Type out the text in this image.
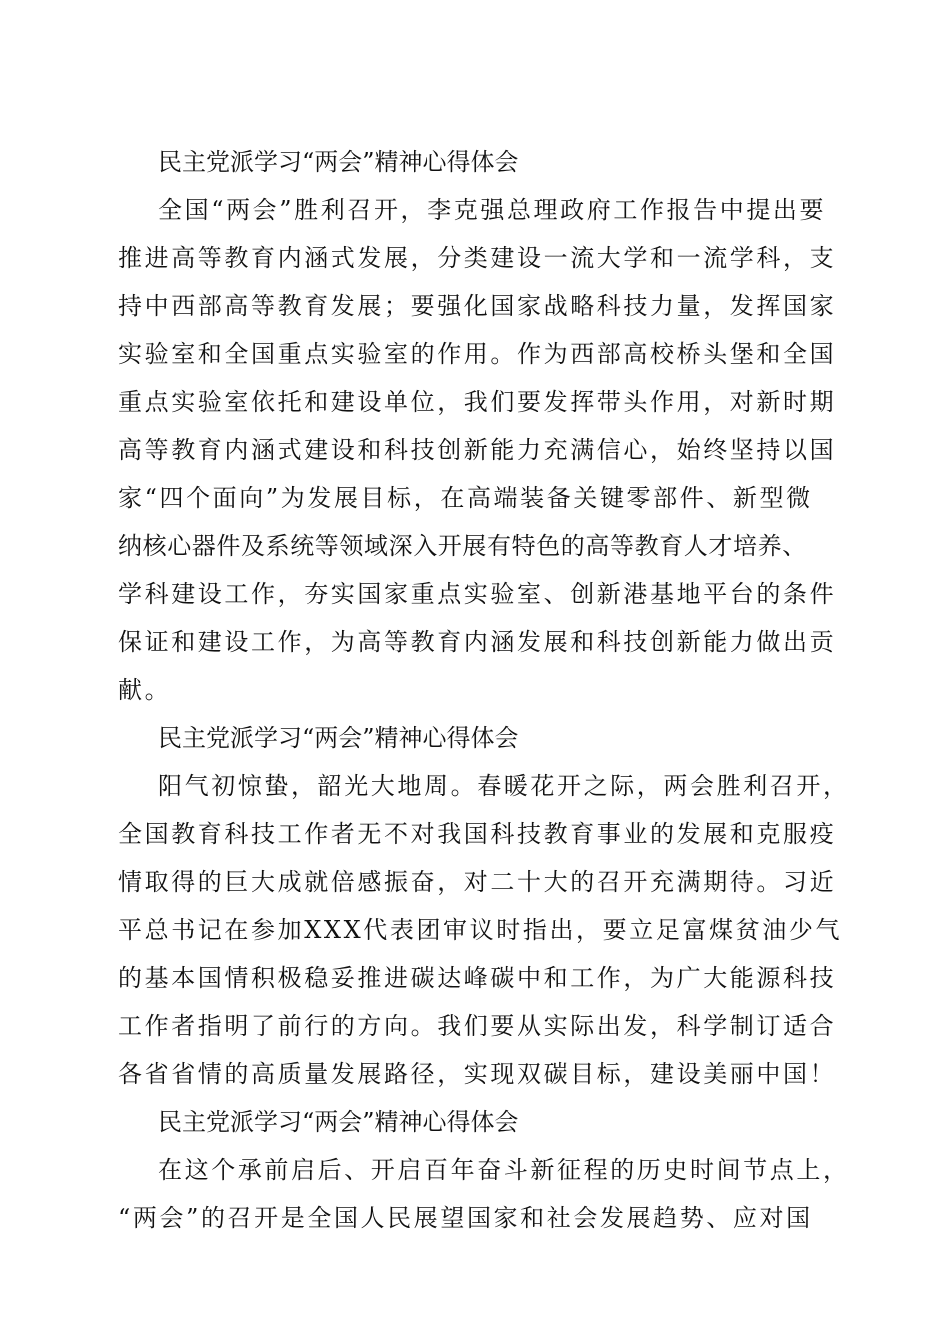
民主党派学习“两会”精神心得体会
全国“两会”胜利召开，李克强总理政府工作报告中提出要
推进高等教育内涵式发展，分类建设一流大学和一流学科，支
持中西部高等教育发展；要强化国家战略科技力量，发挥国家
实验室和全国重点实验室的作用。作为西部高校桥头堡和全国
重点实验室依托和建设单位，我们要发挥带头作用，对新时期
高等教育内涵式建设和科技创新能力充满信心，始终坚持以国
家“四个面向”为发展目标，在高端装备关键零部件、新型微
纳核心器件及系统等领域深入开展有特色的高等教育人才培养、
学科建设工作，夯实国家重点实验室、创新港基地平台的条件
保证和建设工作，为高等教育内涵发展和科技创新能力做出贡
献。
民主党派学习“两会”精神心得体会
阳气初惊蛰，韶光大地周。春暖花开之际，两会胜利召开，
全国教育科技工作者无不对我国科技教育事业的发展和克服疫
情取得的巨大成就倍感振奋，对二十大的召开充满期待。习近
平总书记在参加XXX代表团审议时指出，要立足富煤贫油少气
的基本国情积极稳妥推进碳达峰碳中和工作，为广大能源科技
工作者指明了前行的方向。我们要从实际出发，科学制订适合
各省省情的高质量发展路径，实现双碳目标，建设美丽中国！
民主党派学习“两会”精神心得体会
在这个承前启后、开启百年奋斗新征程的历史时间节点上，
“两会”的召开是全国人民展望国家和社会发展趋势、应对国
